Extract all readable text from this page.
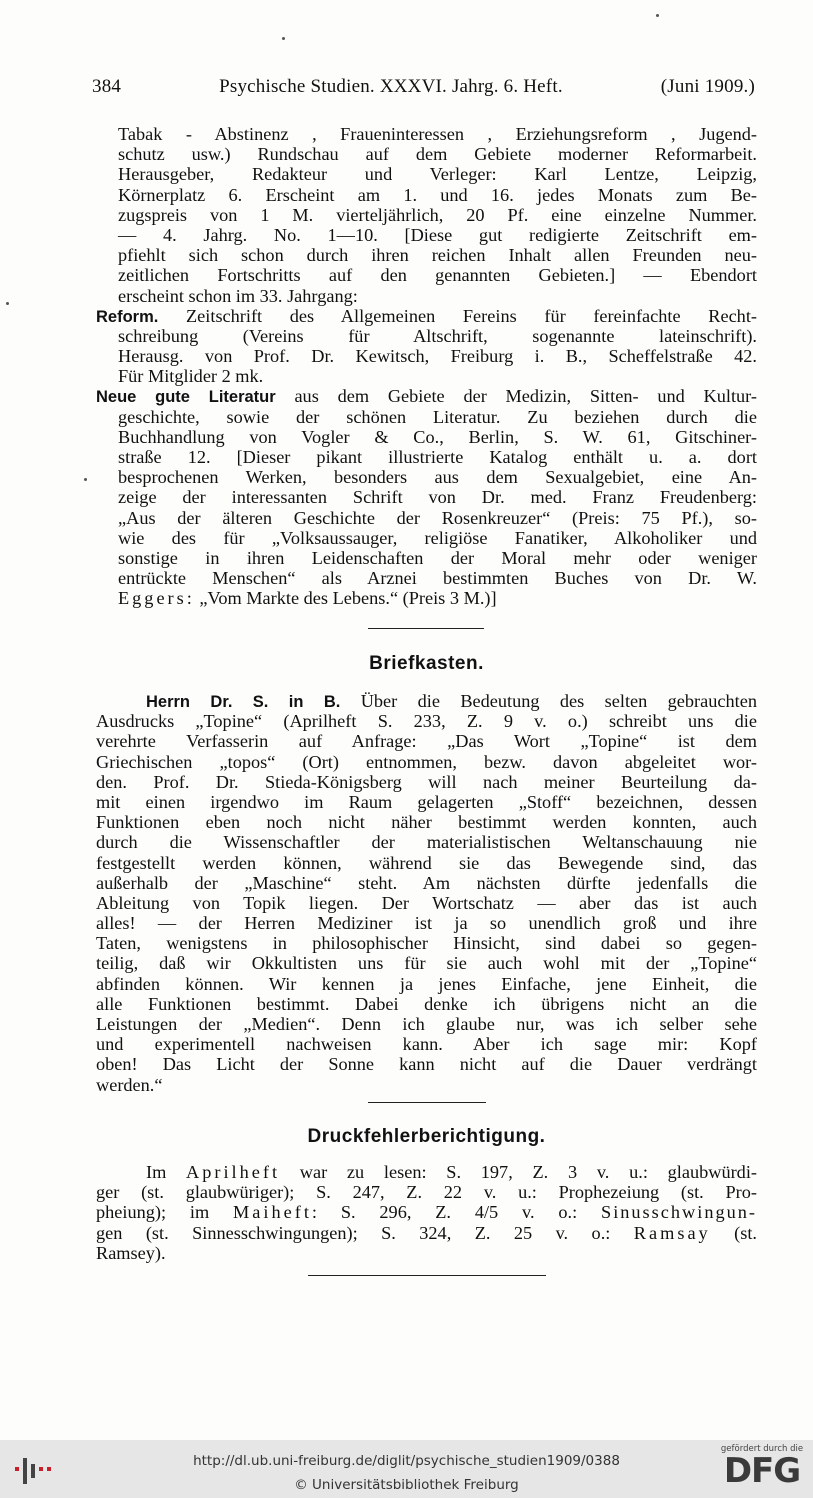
384	Psychische Studien. XXXVI. Jahrg. 6. Heft.	(Juni 1909.)
Tabak - Abstinenz , Fraueninteressen , Erziehungsreform , Jugend-
schutz usw.) Rundschau auf dem Gebiete moderner Reformarbeit.
Herausgeber, Redakteur und Verleger: Karl Lentze, Leipzig,
Körnerplatz 6. Erscheint am 1. und 16. jedes Monats zum Be-
zugspreis von 1 M. vierteljährlich, 20 Pf. eine einzelne Nummer.
— 4. Jahrg. No. 1—10. [Diese gut redigierte Zeitschrift em-
pfiehlt sich schon durch ihren reichen Inhalt allen Freunden neu-
zeitlichen Fortschritts auf den genannten Gebieten.] — Ebendort
erscheint schon im 33. Jahrgang:
Reform. Zeitschrift des Allgemeinen Fereins für fereinfachte Recht-
schreibung (Vereins für Altschrift, sogenannte lateinschrift).
Herausg. von Prof. Dr. Kewitsch, Freiburg i. B., Scheffelstraße 42.
Für Mitglider 2 mk.
Neue gute Literatur aus dem Gebiete der Medizin, Sitten- und Kultur-
geschichte, sowie der schönen Literatur. Zu beziehen durch die
Buchhandlung von Vogler & Co., Berlin, S. W. 61, Gitschiner-
straße 12. [Dieser pikant illustrierte Katalog enthält u. a. dort
besprochenen Werken, besonders aus dem Sexualgebiet, eine An-
zeige der interessanten Schrift von Dr. med. Franz Freudenberg:
„Aus der älteren Geschichte der Rosenkreuzer“ (Preis: 75 Pf.), so-
wie des für „Volksaussauger, religiöse Fanatiker, Alkoholiker und
sonstige in ihren Leidenschaften der Moral mehr oder weniger
entrückte Menschen“ als Arznei bestimmten Buches von Dr. W.
Eggers: „Vom Markte des Lebens.“ (Preis 3 M.)]
Briefkasten.
Herrn Dr. S. in B. Über die Bedeutung des selten gebrauchten
Ausdrucks „Topine“ (Aprilheft S. 233, Z. 9 v. o.) schreibt uns die
verehrte Verfasserin auf Anfrage: „Das Wort „Topine“ ist dem
Griechischen „topos“ (Ort) entnommen, bezw. davon abgeleitet wor-
den. Prof. Dr. Stieda-Königsberg will nach meiner Beurteilung da-
mit einen irgendwo im Raum gelagerten „Stoff“ bezeichnen, dessen
Funktionen eben noch nicht näher bestimmt werden konnten, auch
durch die Wissenschaftler der materialistischen Weltanschauung nie
festgestellt werden können, während sie das Bewegende sind, das
außerhalb der „Maschine“ steht. Am nächsten dürfte jedenfalls die
Ableitung von Topik liegen. Der Wortschatz — aber das ist auch
alles! — der Herren Mediziner ist ja so unendlich groß und ihre
Taten, wenigstens in philosophischer Hinsicht, sind dabei so gegen-
teilig, daß wir Okkultisten uns für sie auch wohl mit der „Topine“
abfinden können. Wir kennen ja jenes Einfache, jene Einheit, die
alle Funktionen bestimmt. Dabei denke ich übrigens nicht an die
Leistungen der „Medien“. Denn ich glaube nur, was ich selber sehe
und experimentell nachweisen kann. Aber ich sage mir: Kopf
oben! Das Licht der Sonne kann nicht auf die Dauer verdrängt
werden.“
Druckfehlerberichtigung.
Im Aprilheft war zu lesen: S. 197, Z. 3 v. u.: glaubwürdi-
ger (st. glaubwüriger); S. 247, Z. 22 v. u.: Prophezeiung (st. Pro-
pheiung); im Maiheft: S. 296, Z. 4/5 v. o.: Sinusschwingun-
gen (st. Sinnesschwingungen); S. 324, Z. 25 v. o.: Ramsay (st.
Ramsey).
http://dl.ub.uni-freiburg.de/diglit/psychische_studien1909/0388
© Universitätsbibliothek Freiburg
gefördert durch die
DFG
